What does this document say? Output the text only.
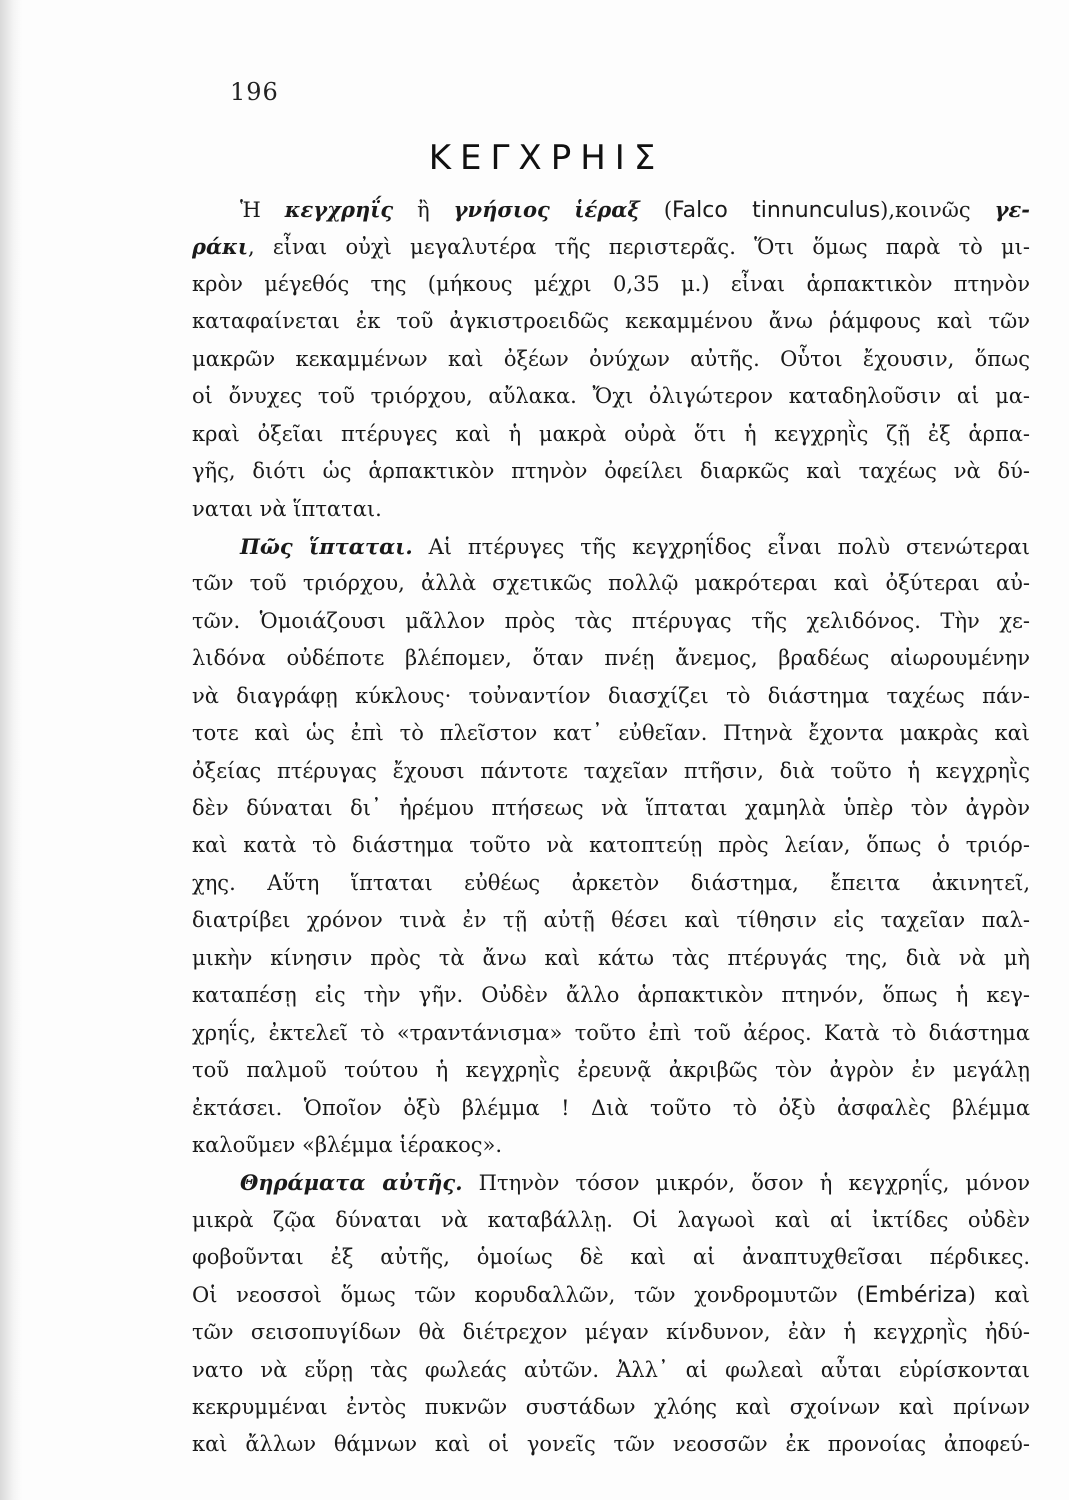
196
ΚΕΓΧΡΗΙΣ
Ἡ κεγχρηΐς ἢ γνήσιος ἱέραξ (Falco tinnunculus),κοινῶς γε-
ράκι, εἶναι οὐχὶ μεγαλυτέρα τῆς περιστερᾶς. Ὅτι ὅμως παρὰ τὸ μι-
κρὸν μέγεθός της (μήκους μέχρι 0,35 μ.) εἶναι ἁρπακτικὸν πτηνὸν
καταφαίνεται ἐκ τοῦ ἀγκιστροειδῶς κεκαμμένου ἄνω ῥάμφους καὶ τῶν
μακρῶν κεκαμμένων καὶ ὀξέων ὀνύχων αὐτῆς. Οὗτοι ἔχουσιν, ὅπως
οἱ ὄνυχες τοῦ τριόρχου, αὔλακα. Ὄχι ὀλιγώτερον καταδηλοῦσιν αἱ μα-
κραὶ ὀξεῖαι πτέρυγες καὶ ἡ μακρὰ οὐρὰ ὅτι ἡ κεγχρηῒς ζῇ ἐξ ἁρπα-
γῆς, διότι ὡς ἁρπακτικὸν πτηνὸν ὀφείλει διαρκῶς καὶ ταχέως νὰ δύ-
ναται νὰ ἵπταται.
Πῶς ἵπταται. Αἱ πτέρυγες τῆς κεγχρηΐδος εἶναι πολὺ στενώτεραι
τῶν τοῦ τριόρχου, ἀλλὰ σχετικῶς πολλῷ μακρότεραι καὶ ὀξύτεραι αὐ-
τῶν. Ὁμοιάζουσι μᾶλλον πρὸς τὰς πτέρυγας τῆς χελιδόνος. Τὴν χε-
λιδόνα οὐδέποτε βλέπομεν, ὅταν πνέῃ ἄνεμος, βραδέως αἰωρουμένην
νὰ διαγράφῃ κύκλους· τοὐναντίον διασχίζει τὸ διάστημα ταχέως πάν-
τοτε καὶ ὡς ἐπὶ τὸ πλεῖστον κατ᾽ εὐθεῖαν. Πτηνὰ ἔχοντα μακρὰς καὶ
ὀξείας πτέρυγας ἔχουσι πάντοτε ταχεῖαν πτῆσιν, διὰ τοῦτο ἡ κεγχρηῒς
δὲν δύναται δι᾽ ἠρέμου πτήσεως νὰ ἵπταται χαμηλὰ ὑπὲρ τὸν ἀγρὸν
καὶ κατὰ τὸ διάστημα τοῦτο νὰ κατοπτεύῃ πρὸς λείαν, ὅπως ὁ τριόρ-
χης. Αὕτη ἵπταται εὐθέως ἀρκετὸν διάστημα, ἔπειτα ἀκινητεῖ,
διατρίβει χρόνον τινὰ ἐν τῇ αὐτῇ θέσει καὶ τίθησιν εἰς ταχεῖαν παλ-
μικὴν κίνησιν πρὸς τὰ ἄνω καὶ κάτω τὰς πτέρυγάς της, διὰ νὰ μὴ
καταπέσῃ εἰς τὴν γῆν. Οὐδὲν ἄλλο ἁρπακτικὸν πτηνόν, ὅπως ἡ κεγ-
χρηΐς, ἐκτελεῖ τὸ «τραντάνισμα» τοῦτο ἐπὶ τοῦ ἀέρος. Κατὰ τὸ διάστημα
τοῦ παλμοῦ τούτου ἡ κεγχρηῒς ἐρευνᾷ ἀκριβῶς τὸν ἀγρὸν ἐν μεγάλῃ
ἐκτάσει. Ὁποῖον ὀξὺ βλέμμα ! Διὰ τοῦτο τὸ ὀξὺ ἀσφαλὲς βλέμμα
καλοῦμεν «βλέμμα ἱέρακος».
Θηράματα αὐτῆς. Πτηνὸν τόσον μικρόν, ὅσον ἡ κεγχρηΐς, μόνον
μικρὰ ζῷα δύναται νὰ καταβάλλῃ. Οἱ λαγωοὶ καὶ αἱ ἰκτίδες οὐδὲν
φοβοῦνται ἐξ αὐτῆς, ὁμοίως δὲ καὶ αἱ ἀναπτυχθεῖσαι πέρδικες.
Οἱ νεοσσοὶ ὅμως τῶν κορυδαλλῶν, τῶν χονδρομυτῶν (Embériza) καὶ
τῶν σεισοπυγίδων θὰ διέτρεχον μέγαν κίνδυνον, ἐὰν ἡ κεγχρηῒς ἠδύ-
νατο νὰ εὕρῃ τὰς φωλεάς αὐτῶν. Ἀλλ᾽ αἱ φωλεαὶ αὗται εὑρίσκονται
κεκρυμμέναι ἐντὸς πυκνῶν συστάδων χλόης καὶ σχοίνων καὶ πρίνων
καὶ ἄλλων θάμνων καὶ οἱ γονεῖς τῶν νεοσσῶν ἐκ προνοίας ἀποφεύ-
